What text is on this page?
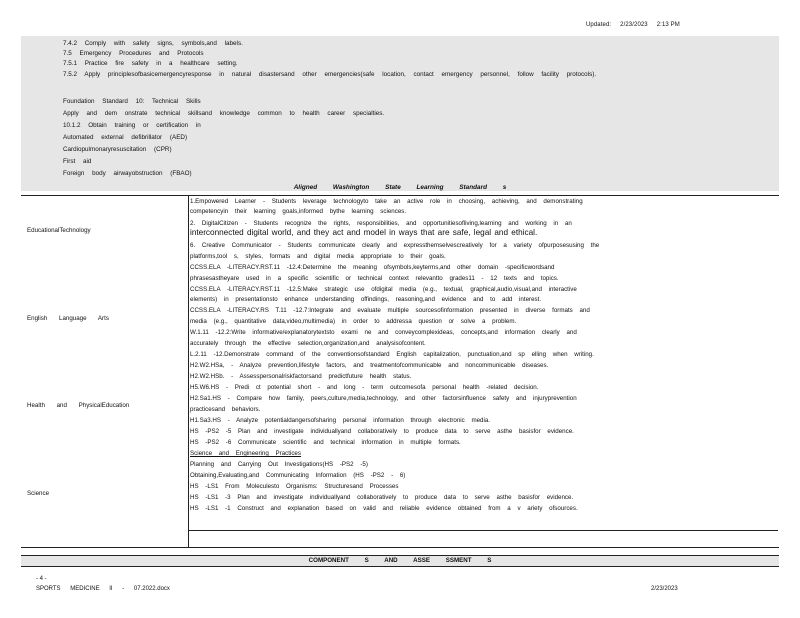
Updated: 2/23/2023 2:13 PM
7.4.2 Comply with safety signs, symbols,and labels.
7.5 Emergency Procedures and Protocols
7.5.1 Practice fire safety in a healthcare setting.
7.5.2 Apply principlesofbasicemergencyresponse in natural disastersand other emergencies(safe location, contact emergency personnel, follow facility protocols).
Foundation Standard 10: Technical Skills
Apply and dem onstrate technical skillsand knowledge common to health career specialties.
10.1.2 Obtain training or certification in
Automated external defibrillator (AED)
Cardiopulmonaryresuscitation (CPR)
First aid
Foreign body airwayobstruction (FBAO)
Aligned Washington State Learning Standard s
EducationalTechnology
English Language Arts
Health and PhysicalEducation
Science
1.Empowered Learner - Students leverage technologyto take an active role in choosing, achieving, and demonstrating
competencyin their learning goals,informed bythe learning sciences.
2. DigitalCitizen - Students recognize the rights, responsibilities, and opportunitiesofliving,learning and working in an
interconnected digital world, and they act and model in ways that are safe, legal and ethical.
6. Creative Communicator - Students communicate clearly and expressthemselvescreatively for a variety ofpurposesusing the
platforms,tool s, styles, formats and digital media appropriate to their goals.
CCSS.ELA -LITERACY.RST.11 -12.4:Determine the meaning ofsymbols,keyterms,and other domain -specificwordsand
phrasesastheyare used in a specific scientific or technical context relevantto grades11 - 12 texts and topics.
CCSS.ELA -LITERACY.RST.11 -12.5:Make strategic use ofdigital media (e.g., textual, graphical,audio,visual,and interactive
elements) in presentationsto enhance understanding offindings, reasoning,and evidence and to add interest.
CCSS.ELA -LITERACY.RS T.11 -12.7:Integrate and evaluate multiple sourcesofinformation presented in diverse formats and
media (e.g., quantitative data,video,multimedia) in order to addressa question or solve a problem.
W.1.11 -12.2:Write informative/explanatorytextsto exami ne and conveycomplexideas, concepts,and information clearly and
accurately through the effective selection,organization,and analysisofcontent.
L.2.11 -12.Demonstrate command of the conventionsofstandard English capitalization, punctuation,and sp elling when writing.
H2.W2.HSa, - Analyze prevention,lifestyle factors, and treatmentofcommunicable and noncommunicable diseases.
H2.W2.HSb. - Assesspersonalriskfactorsand predictfuture health status.
H5.W6.HS - Predi ct potential short - and long - term outcomesofa personal health -related decision.
H2.Sa1.HS - Compare how family, peers,culture,media,technology, and other factorsinfluence safety and injuryprevention
practicesand behaviors.
H1.Sa3.HS - Analyze potentialdangersofsharing personal information through electronic media.
HS -PS2 -5 Plan and investigate individuallyand collaboratively to produce data to serve asthe basisfor evidence.
HS -PS2 -6 Communicate scientific and technical information in multiple formats.
Science and Engineering Practices
Planning and Carrying Out Investigations(HS -PS2 -5)
Obtaining,Evaluating,and Communicating Information (HS -PS2 - 6)
HS -LS1 From Moleculesto Organisms: Structuresand Processes
HS -LS1 -3 Plan and investigate individuallyand collaboratively to produce data to serve asthe basisfor evidence.
HS -LS1 -1 Construct and explanation based on valid and reliable evidence obtained from a v ariety ofsources.
COMPONENT S AND ASSE SSMENT S
- 4 -
SPORTS MEDICINE II - 07.2022.docx	2/23/2023
